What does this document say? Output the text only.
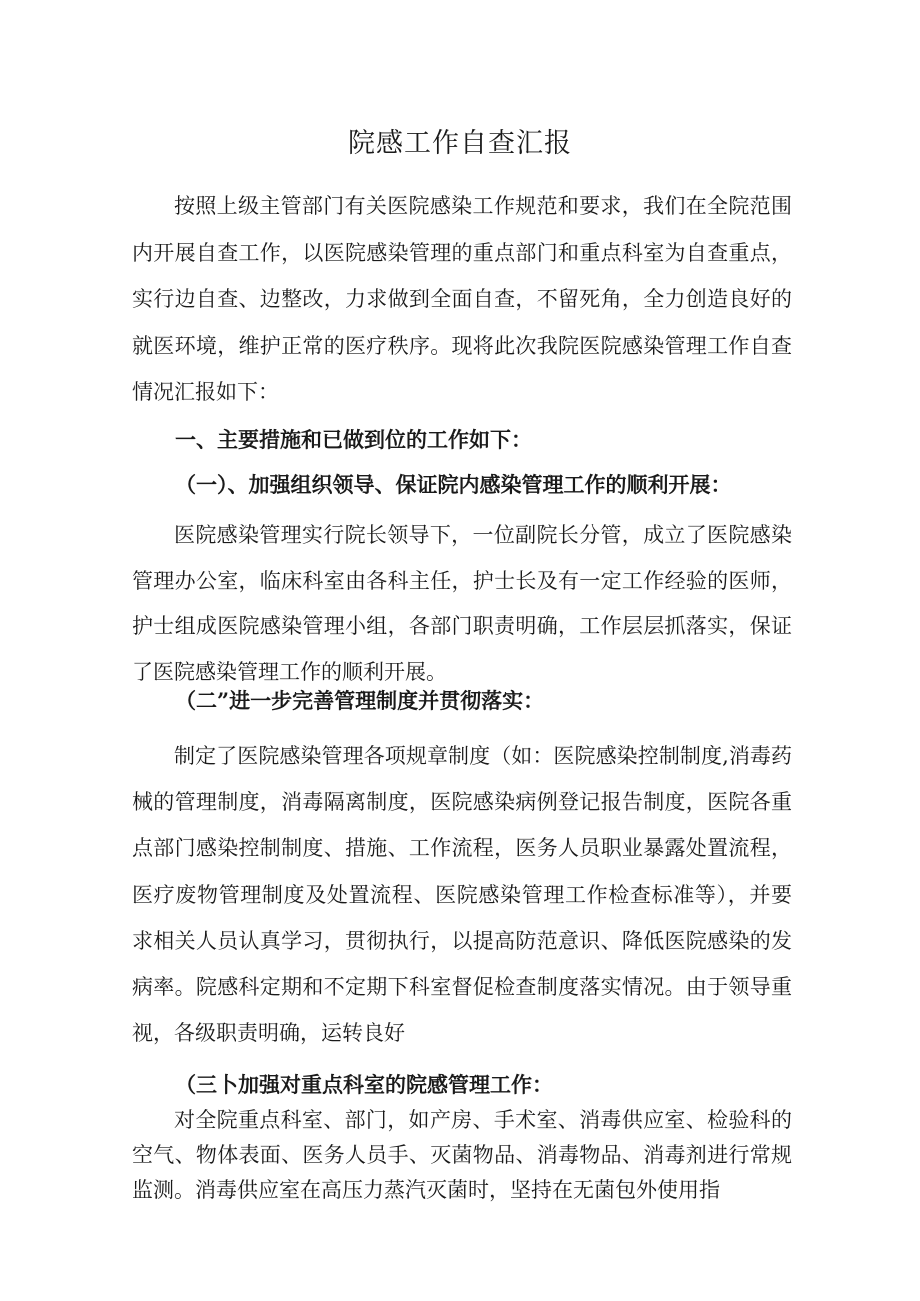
院感工作自查汇报
按照上级主管部门有关医院感染工作规范和要求，我们在全院范围内开展自查工作，以医院感染管理的重点部门和重点科室为自查重点，实行边自查、边整改，力求做到全面自查，不留死角，全力创造良好的就医环境，维护正常的医疗秩序。现将此次我院医院感染管理工作自查情况汇报如下：
一、主要措施和已做到位的工作如下：
（一）、加强组织领导、保证院内感染管理工作的顺利开展：
医院感染管理实行院长领导下，一位副院长分管，成立了医院感染管理办公室，临床科室由各科主任，护士长及有一定工作经验的医师，护士组成医院感染管理小组，各部门职责明确，工作层层抓落实，保证了医院感染管理工作的顺利开展。
（二”进一步完善管理制度并贯彻落实：
制定了医院感染管理各项规章制度（如：医院感染控制制度,消毒药械的管理制度，消毒隔离制度，医院感染病例登记报告制度，医院各重点部门感染控制制度、措施、工作流程，医务人员职业暴露处置流程，医疗废物管理制度及处置流程、医院感染管理工作检查标准等），并要求相关人员认真学习，贯彻执行，以提高防范意识、降低医院感染的发病率。院感科定期和不定期下科室督促检查制度落实情况。由于领导重视，各级职责明确，运转良好
（三卜加强对重点科室的院感管理工作：
对全院重点科室、部门，如产房、手术室、消毒供应室、检验科的空气、物体表面、医务人员手、灭菌物品、消毒物品、消毒剂进行常规监测。消毒供应室在高压力蒸汽灭菌时，坚持在无菌包外使用指
